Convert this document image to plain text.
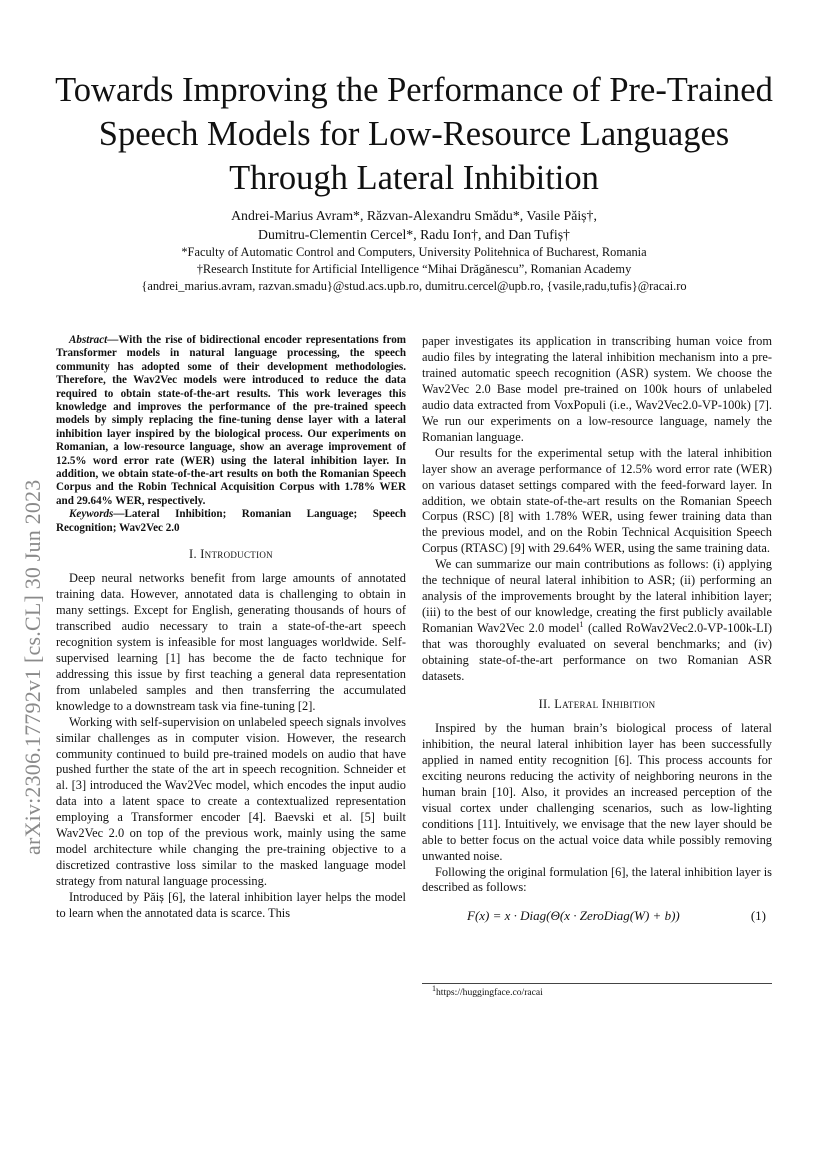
arXiv:2306.17792v1 [cs.CL] 30 Jun 2023
Towards Improving the Performance of Pre-Trained
Speech Models for Low-Resource Languages
Through Lateral Inhibition
Andrei-Marius Avram*, Răzvan-Alexandru Smădu*, Vasile Păiș†,
Dumitru-Clementin Cercel*, Radu Ion†, and Dan Tufiș†
*Faculty of Automatic Control and Computers, University Politehnica of Bucharest, Romania
†Research Institute for Artificial Intelligence “Mihai Drăgănescu”, Romanian Academy
{andrei_marius.avram, razvan.smadu}@stud.acs.upb.ro, dumitru.cercel@upb.ro, {vasile,radu,tufis}@racai.ro

Abstract—With the rise of bidirectional encoder representations from Transformer models in natural language processing, the speech community has adopted some of their development methodologies. Therefore, the Wav2Vec models were introduced to reduce the data required to obtain state-of-the-art results. This work leverages this knowledge and improves the performance of the pre-trained speech models by simply replacing the fine-tuning dense layer with a lateral inhibition layer inspired by the biological process. Our experiments on Romanian, a low-resource language, show an average improvement of 12.5% word error rate (WER) using the lateral inhibition layer. In addition, we obtain state-of-the-art results on both the Romanian Speech Corpus and the Robin Technical Acquisition Corpus with 1.78% WER and 29.64% WER, respectively.

Keywords—Lateral Inhibition; Romanian Language; Speech Recognition; Wav2Vec 2.0

I. Introduction

Deep neural networks benefit from large amounts of annotated training data. However, annotated data is challenging to obtain in many settings. Except for English, generating thousands of hours of transcribed audio necessary to train a state-of-the-art speech recognition system is infeasible for most languages worldwide. Self-supervised learning [1] has become the de facto technique for addressing this issue by first teaching a general data representation from unlabeled samples and then transferring the accumulated knowledge to a downstream task via fine-tuning [2].

Working with self-supervision on unlabeled speech signals involves similar challenges as in computer vision. However, the research community continued to build pre-trained models on audio that have pushed further the state of the art in speech recognition. Schneider et al. [3] introduced the Wav2Vec model, which encodes the input audio data into a latent space to create a contextualized representation employing a Transformer encoder [4]. Baevski et al. [5] built Wav2Vec 2.0 on top of the previous work, mainly using the same model architecture while changing the pre-training objective to a discretized contrastive loss similar to the masked language model strategy from natural language processing.

Introduced by Păiș [6], the lateral inhibition layer helps the model to learn when the annotated data is scarce. This

paper investigates its application in transcribing human voice from audio files by integrating the lateral inhibition mechanism into a pre-trained automatic speech recognition (ASR) system. We choose the Wav2Vec 2.0 Base model pre-trained on 100k hours of unlabeled audio data extracted from VoxPopuli (i.e., Wav2Vec2.0-VP-100k) [7]. We run our experiments on a low-resource language, namely the Romanian language.

Our results for the experimental setup with the lateral inhibition layer show an average performance of 12.5% word error rate (WER) on various dataset settings compared with the feed-forward layer. In addition, we obtain state-of-the-art results on the Romanian Speech Corpus (RSC) [8] with 1.78% WER, using fewer training data than the previous model, and on the Robin Technical Acquisition Speech Corpus (RTASC) [9] with 29.64% WER, using the same training data.

We can summarize our main contributions as follows: (i) applying the technique of neural lateral inhibition to ASR; (ii) performing an analysis of the improvements brought by the lateral inhibition layer; (iii) to the best of our knowledge, creating the first publicly available Romanian Wav2Vec 2.0 model$^1$ (called RoWav2Vec2.0-VP-100k-LI) that was thoroughly evaluated on several benchmarks; and (iv) obtaining state-of-the-art performance on two Romanian ASR datasets.

II. Lateral Inhibition

Inspired by the human brain’s biological process of lateral inhibition, the neural lateral inhibition layer has been successfully applied in named entity recognition [6]. This process accounts for exciting neurons reducing the activity of neighboring neurons in the human brain [10]. Also, it provides an increased perception of the visual cortex under challenging scenarios, such as low-lighting conditions [11]. Intuitively, we envisage that the new layer should be able to better focus on the actual voice data while possibly removing unwanted noise.

Following the original formulation [6], the lateral inhibition layer is described as follows:

F(x) = x · Diag(Θ(x · ZeroDiag(W) + b))	(1)
$^1$https://huggingface.co/racai
